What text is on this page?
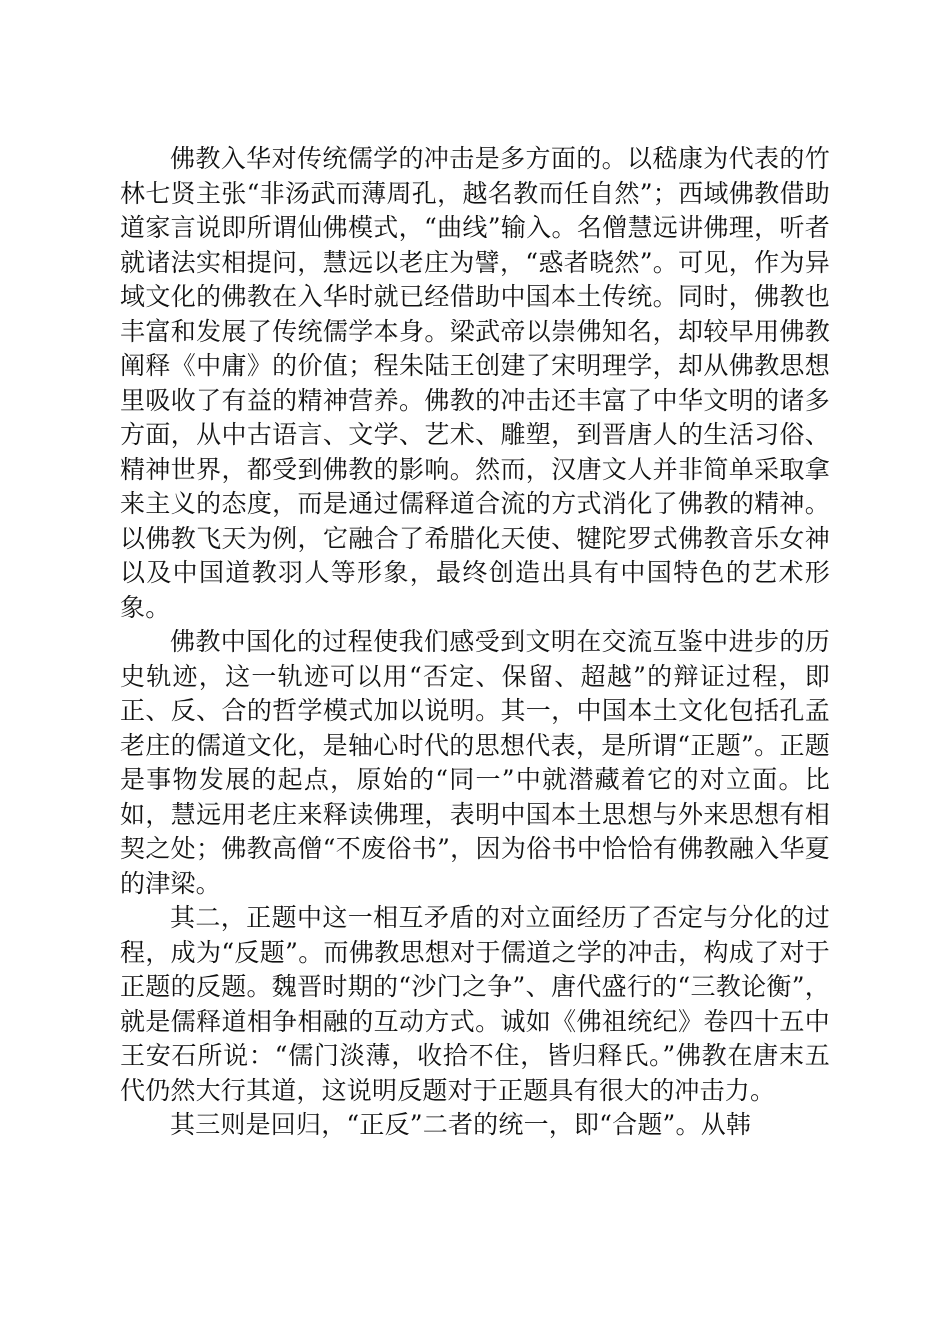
佛教入华对传统儒学的冲击是多方面的。以嵇康为代表的竹林七贤主张“非汤武而薄周孔，越名教而任自然”；西域佛教借助道家言说即所谓仙佛模式，“曲线”输入。名僧慧远讲佛理，听者就诸法实相提问，慧远以老庄为譬，“惑者晓然”。可见，作为异域文化的佛教在入华时就已经借助中国本土传统。同时，佛教也丰富和发展了传统儒学本身。梁武帝以崇佛知名，却较早用佛教阐释《中庸》的价值；程朱陆王创建了宋明理学，却从佛教思想里吸收了有益的精神营养。佛教的冲击还丰富了中华文明的诸多方面，从中古语言、文学、艺术、雕塑，到晋唐人的生活习俗、精神世界，都受到佛教的影响。然而，汉唐文人并非简单采取拿来主义的态度，而是通过儒释道合流的方式消化了佛教的精神。以佛教飞天为例，它融合了希腊化天使、犍陀罗式佛教音乐女神以及中国道教羽人等形象，最终创造出具有中国特色的艺术形象。

佛教中国化的过程使我们感受到文明在交流互鉴中进步的历史轨迹，这一轨迹可以用“否定、保留、超越”的辩证过程，即正、反、合的哲学模式加以说明。其一，中国本土文化包括孔孟老庄的儒道文化，是轴心时代的思想代表，是所谓“正题”。正题是事物发展的起点，原始的“同一”中就潜藏着它的对立面。比如，慧远用老庄来释读佛理，表明中国本土思想与外来思想有相契之处；佛教高僧“不废俗书”，因为俗书中恰恰有佛教融入华夏的津梁。

其二，正题中这一相互矛盾的对立面经历了否定与分化的过程，成为“反题”。而佛教思想对于儒道之学的冲击，构成了对于正题的反题。魏晋时期的“沙门之争”、唐代盛行的“三教论衡”，就是儒释道相争相融的互动方式。诚如《佛祖统纪》卷四十五中王安石所说：“儒门淡薄，收拾不住，皆归释氏。”佛教在唐末五代仍然大行其道，这说明反题对于正题具有很大的冲击力。

其三则是回归，“正反”二者的统一，即“合题”。从韩
